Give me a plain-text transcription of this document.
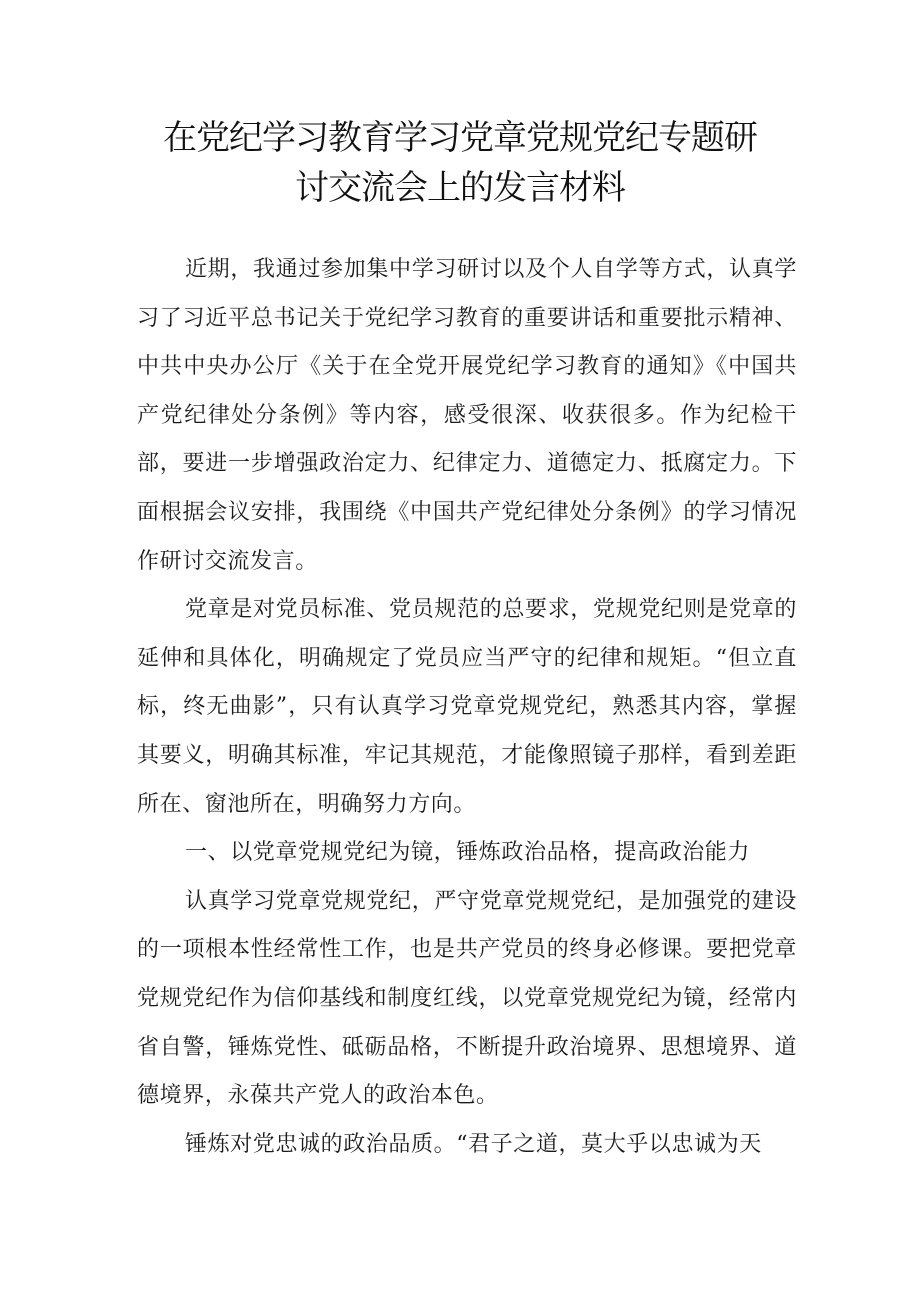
在党纪学习教育学习党章党规党纪专题研
讨交流会上的发言材料

近期，我通过参加集中学习研讨以及个人自学等方式，认真学习了习近平总书记关于党纪学习教育的重要讲话和重要批示精神、中共中央办公厅《关于在全党开展党纪学习教育的通知》《中国共产党纪律处分条例》等内容，感受很深、收获很多。作为纪检干部，要进一步增强政治定力、纪律定力、道德定力、抵腐定力。下面根据会议安排，我围绕《中国共产党纪律处分条例》的学习情况作研讨交流发言。

党章是对党员标准、党员规范的总要求，党规党纪则是党章的延伸和具体化，明确规定了党员应当严守的纪律和规矩。“但立直标，终无曲影”，只有认真学习党章党规党纪，熟悉其内容，掌握其要义，明确其标准，牢记其规范，才能像照镜子那样，看到差距所在、窗池所在，明确努力方向。

一、以党章党规党纪为镜，锤炼政治品格，提高政治能力

认真学习党章党规党纪，严守党章党规党纪，是加强党的建设的一项根本性经常性工作，也是共产党员的终身必修课。要把党章党规党纪作为信仰基线和制度红线，以党章党规党纪为镜，经常内省自警，锤炼党性、砥砺品格，不断提升政治境界、思想境界、道德境界，永葆共产党人的政治本色。

锤炼对党忠诚的政治品质。“君子之道，莫大乎以忠诚为天
